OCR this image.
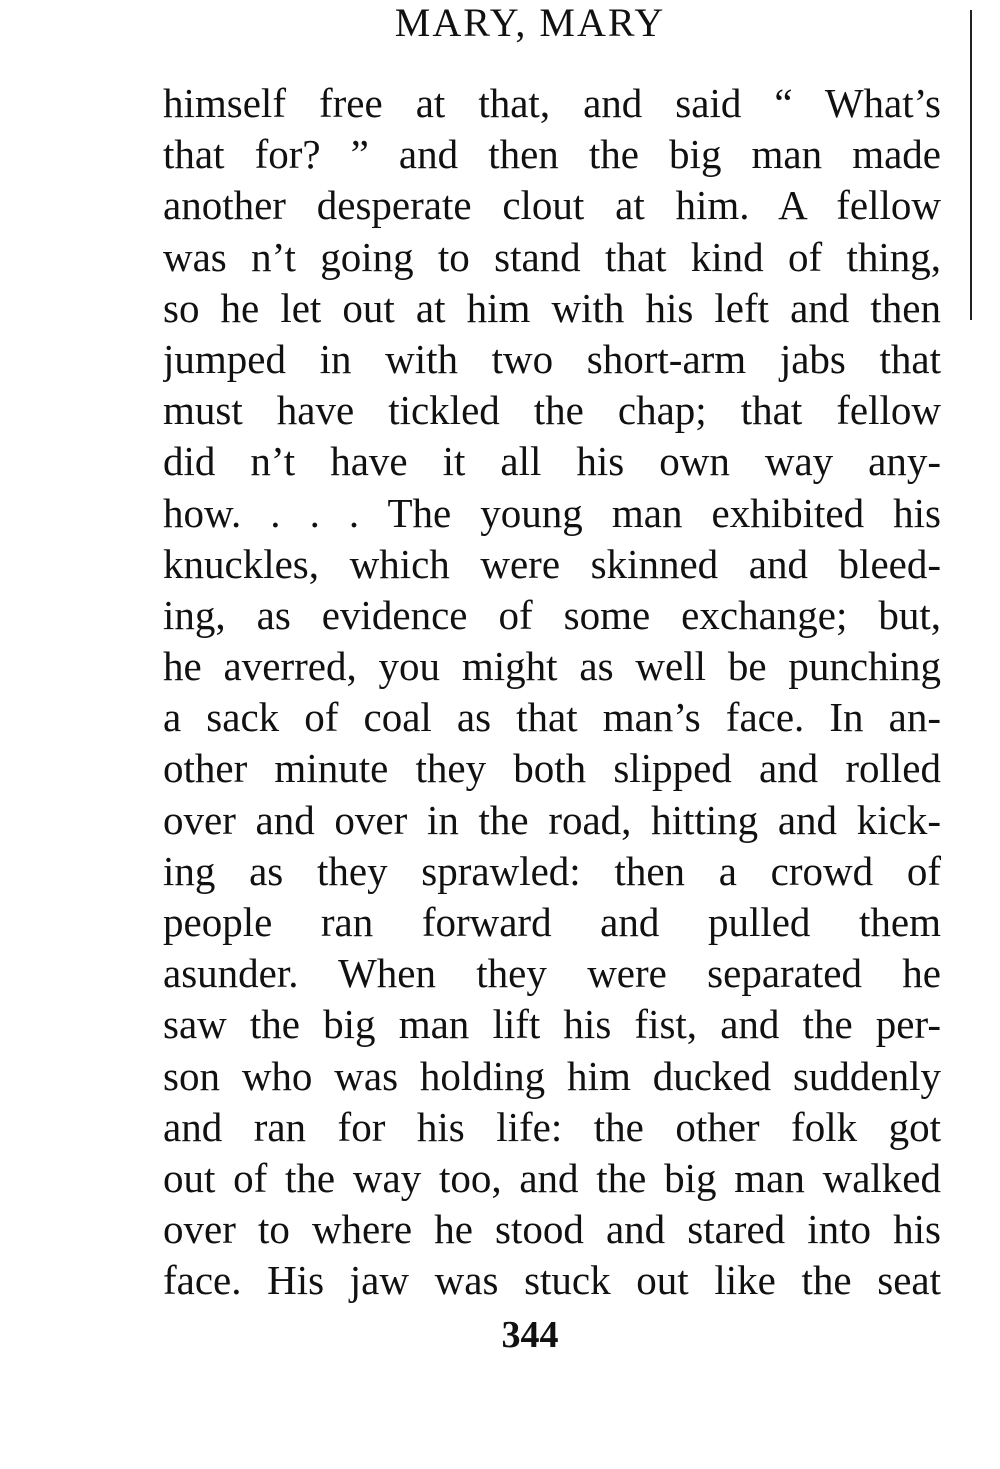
MARY, MARY
himself free at that, and said “ What’s
that for? ” and then the big man made
another desperate clout at him. A fellow
was n’t going to stand that kind of thing,
so he let out at him with his left and then
jumped in with two short-arm jabs that
must have tickled the chap; that fellow
did n’t have it all his own way any-
how. . . . The young man exhibited his
knuckles, which were skinned and bleed-
ing, as evidence of some exchange; but,
he averred, you might as well be punching
a sack of coal as that man’s face. In an-
other minute they both slipped and rolled
over and over in the road, hitting and kick-
ing as they sprawled: then a crowd of
people ran forward and pulled them
asunder. When they were separated he
saw the big man lift his fist, and the per-
son who was holding him ducked suddenly
and ran for his life: the other folk got
out of the way too, and the big man walked
over to where he stood and stared into his
face. His jaw was stuck out like the seat
344
